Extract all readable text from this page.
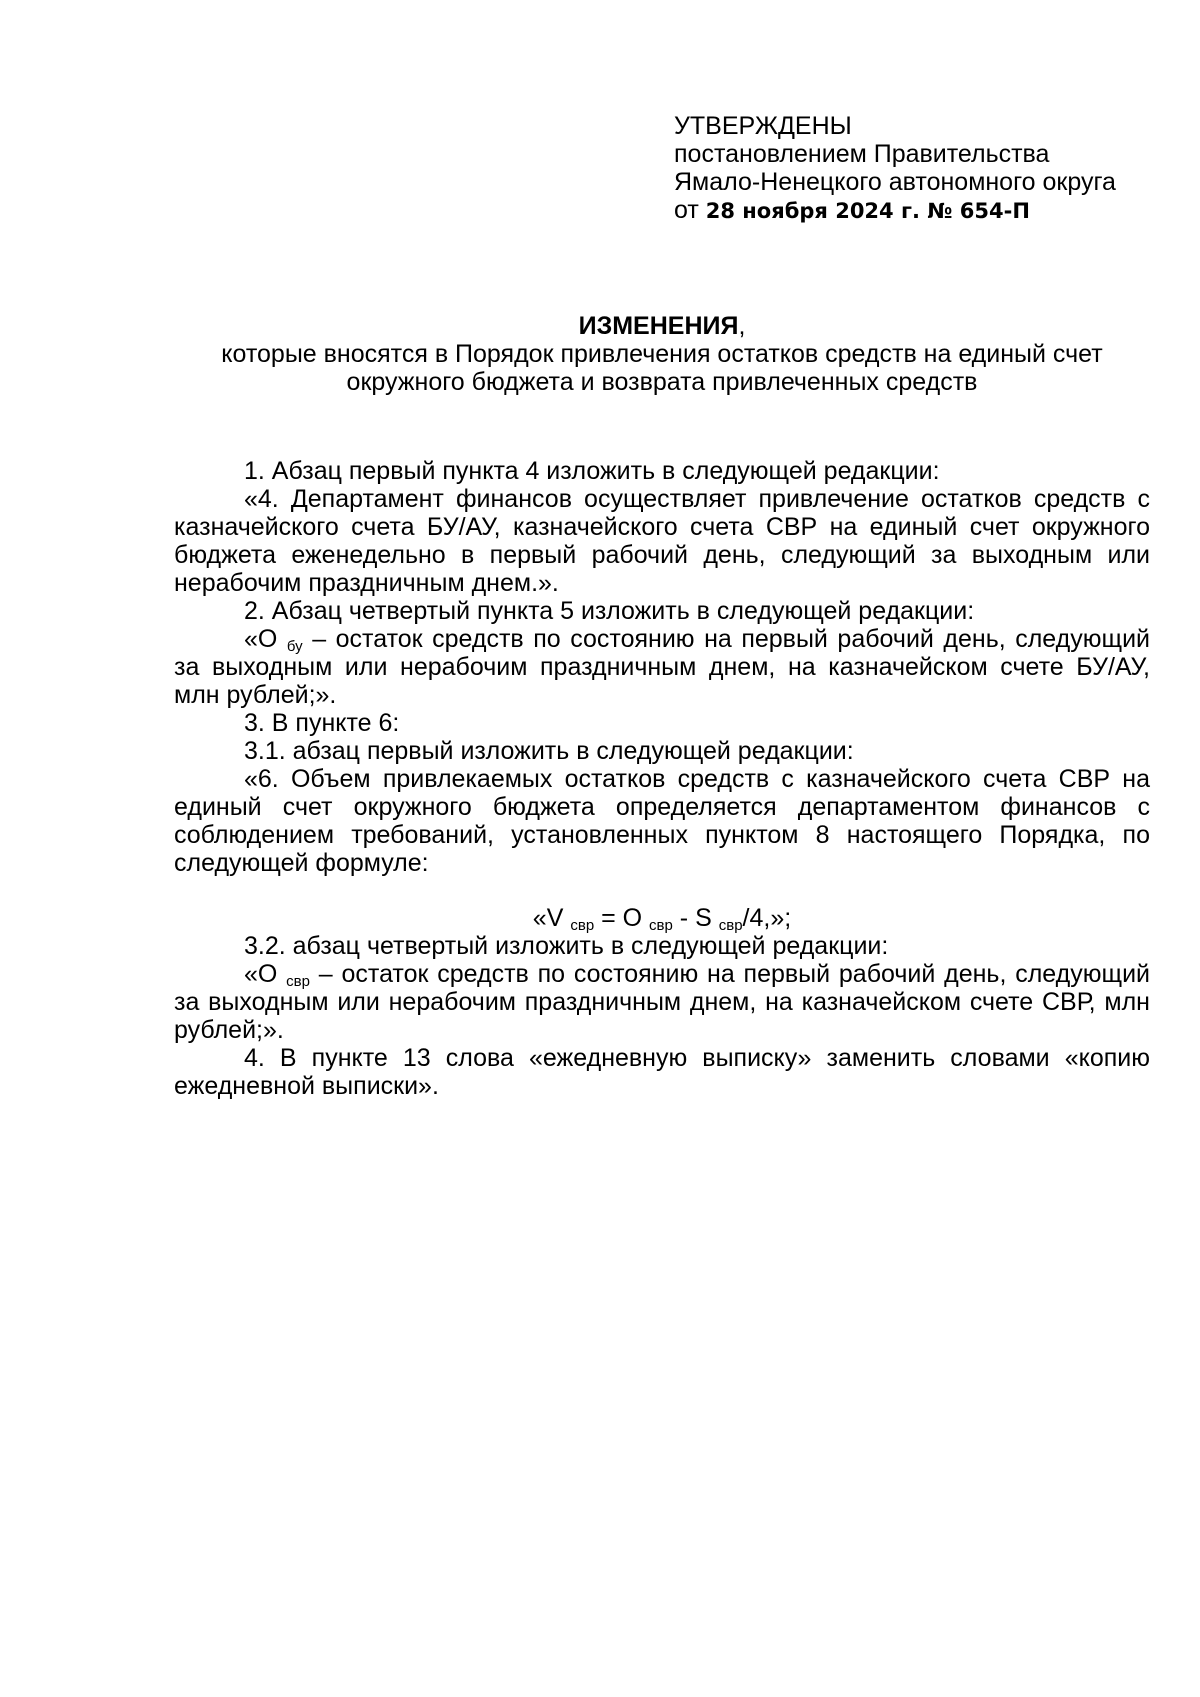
УТВЕРЖДЕНЫ

постановлением Правительства

Ямало-Ненецкого автономного округа

от 28 ноября 2024 г. № 654-П

ИЗМЕНЕНИЯ,

которые вносятся в Порядок привлечения остатков средств на единый счет

окружного бюджета и возврата привлеченных средств

1. Абзац первый пункта 4 изложить в следующей редакции:

«4. Департамент финансов осуществляет привлечение остатков средств с казначейского счета БУ/АУ, казначейского счета СВР на единый счет окружного бюджета еженедельно в первый рабочий день, следующий за выходным или нерабочим праздничным днем.».

2. Абзац четвертый пункта 5 изложить в следующей редакции:

«О $_{бу}$ – остаток средств по состоянию на первый рабочий день, следующий за выходным или нерабочим праздничным днем, на казначейском счете БУ/АУ, млн рублей;».

3. В пункте 6:

3.1. абзац первый изложить в следующей редакции:

«6. Объем привлекаемых остатков средств с казначейского счета СВР на единый счет окружного бюджета определяется департаментом финансов с соблюдением требований, установленных пунктом 8 настоящего Порядка, по следующей формуле:

«V $_{свр}$ = O $_{свр}$ - S $_{свр}$/4,»;

3.2. абзац четвертый изложить в следующей редакции:

«О $_{свр}$ – остаток средств по состоянию на первый рабочий день, следующий за выходным или нерабочим праздничным днем, на казначейском счете СВР, млн рублей;».

4. В пункте 13 слова «ежедневную выписку» заменить словами «копию ежедневной выписки».
